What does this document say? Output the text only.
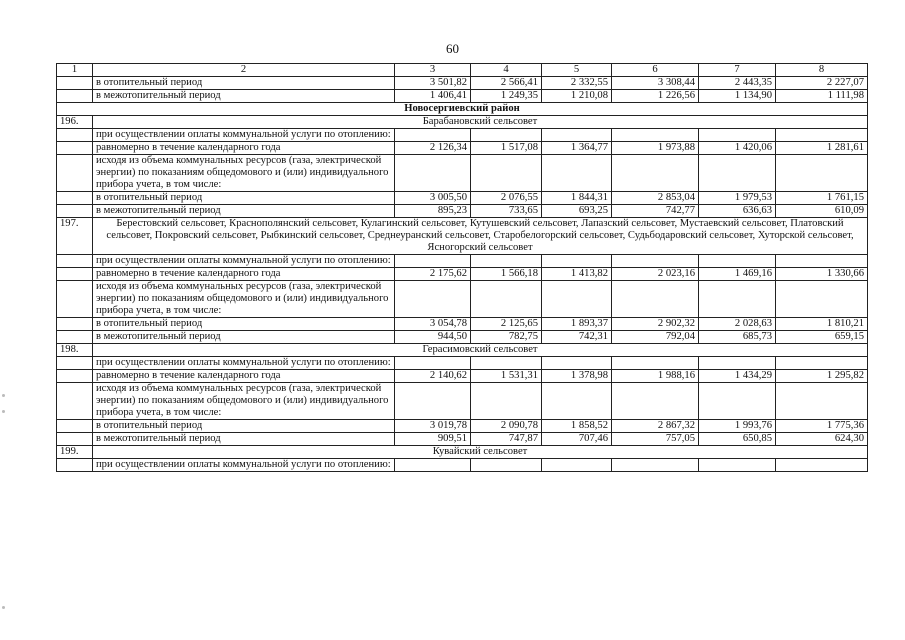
60
1	2	3	4	5	6	7	8
	в отопительный период	3 501,82	2 566,41	2 332,55	3 308,44	2 443,35	2 227,07
	в межотопительный период	1 406,41	1 249,35	1 210,08	1 226,56	1 134,90	1 111,98
Новосергиевский район							
196.	Барабановский сельсовет						
	при осуществлении оплаты коммунальной услуги по отоплению:						
	равномерно в течение календарного года	2 126,34	1 517,08	1 364,77	1 973,88	1 420,06	1 281,61
	исходя из объема коммунальных ресурсов (газа, электрической энергии) по показаниям общедомового и (или) индивидуального прибора учета, в том числе:						
	в отопительный период	3 005,50	2 076,55	1 844,31	2 853,04	1 979,53	1 761,15
	в межотопительный период	895,23	733,65	693,25	742,77	636,63	610,09
197.	Берестовский сельсовет, Краснополянский сельсовет, Кулагинский сельсовет, Кутушевский сельсовет, Лапазский сельсовет, Мустаевский сельсовет, Платовский сельсовет, Покровский сельсовет, Рыбкинский сельсовет, Среднеуранский сельсовет, Старобелогорский сельсовет, Судьбодаровский сельсовет, Хуторской сельсовет, Ясногорский сельсовет						
	при осуществлении оплаты коммунальной услуги по отоплению:						
	равномерно в течение календарного года	2 175,62	1 566,18	1 413,82	2 023,16	1 469,16	1 330,66
	исходя из объема коммунальных ресурсов (газа, электрической энергии) по показаниям общедомового и (или) индивидуального прибора учета, в том числе:						
	в отопительный период	3 054,78	2 125,65	1 893,37	2 902,32	2 028,63	1 810,21
	в межотопительный период	944,50	782,75	742,31	792,04	685,73	659,15
198.	Герасимовский сельсовет						
	при осуществлении оплаты коммунальной услуги по отоплению:						
	равномерно в течение календарного года	2 140,62	1 531,31	1 378,98	1 988,16	1 434,29	1 295,82
	исходя из объема коммунальных ресурсов (газа, электрической энергии) по показаниям общедомового и (или) индивидуального прибора учета, в том числе:						
	в отопительный период	3 019,78	2 090,78	1 858,52	2 867,32	1 993,76	1 775,36
	в межотопительный период	909,51	747,87	707,46	757,05	650,85	624,30
199.	Кувайский сельсовет						
	при осуществлении оплаты коммунальной услуги по отоплению:						
